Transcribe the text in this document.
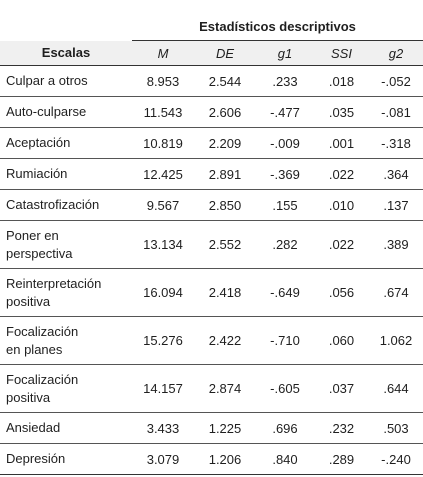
	Estadísticos descriptivos				
Escalas	M	DE	g1	SSI	g2
Culpar a otros	8.953	2.544	.233	.018	-.052
Auto-culparse	11.543	2.606	-.477	.035	-.081
Aceptación	10.819	2.209	-.009	.001	-.318
Rumiación	12.425	2.891	-.369	.022	.364
Catastrofización	9.567	2.850	.155	.010	.137
Poner en
perspectiva	13.134	2.552	.282	.022	.389
Reinterpretación
positiva	16.094	2.418	-.649	.056	.674
Focalización
en planes	15.276	2.422	-.710	.060	1.062
Focalización
positiva	14.157	2.874	-.605	.037	.644
Ansiedad	3.433	1.225	.696	.232	.503
Depresión	3.079	1.206	.840	.289	-.240
